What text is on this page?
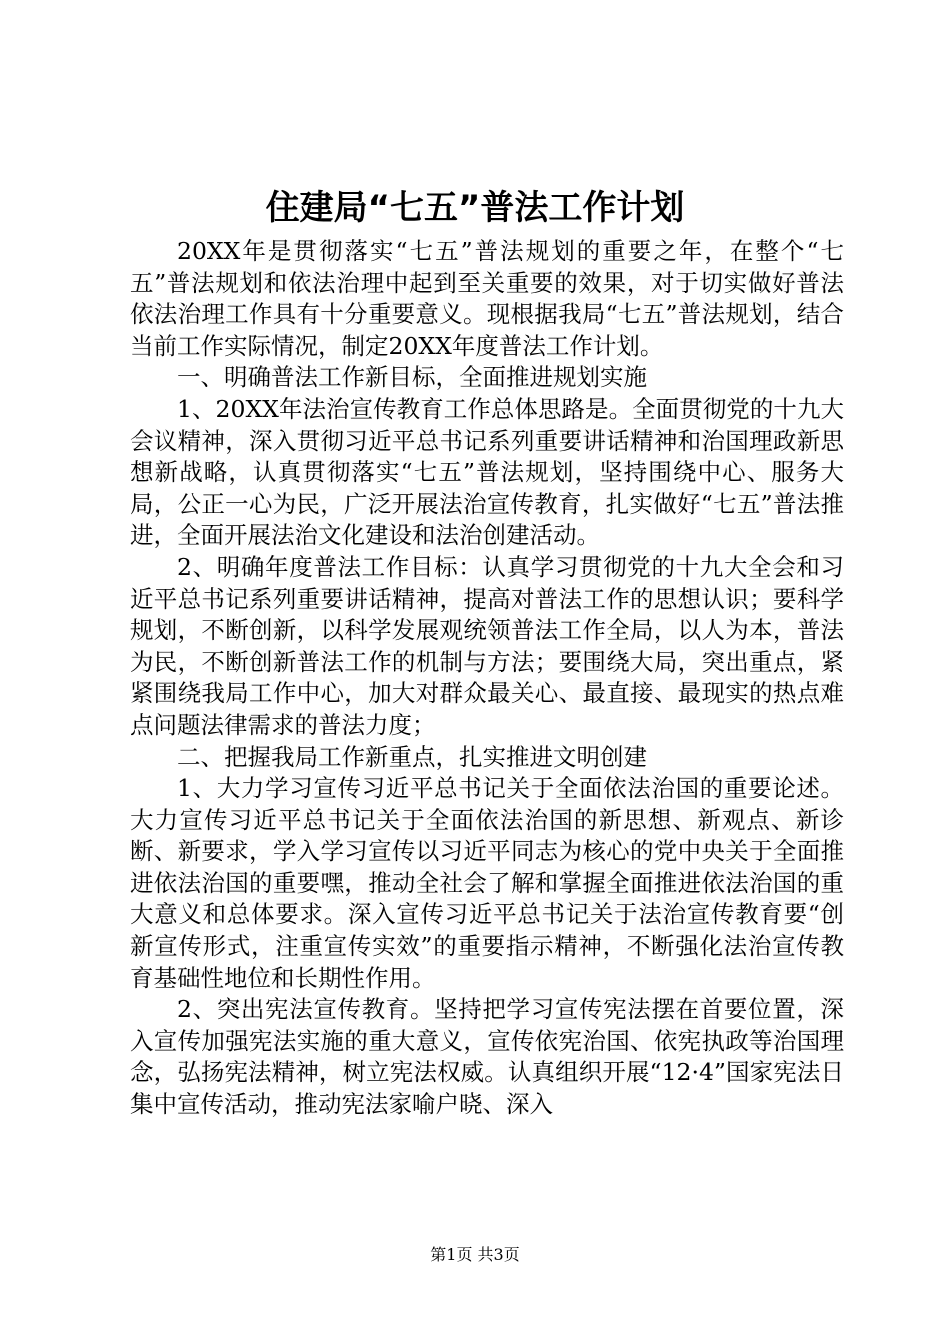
住建局“七五”普法工作计划

20XX年是贯彻落实“七五”普法规划的重要之年，在整个“七五”普法规划和依法治理中起到至关重要的效果，对于切实做好普法依法治理工作具有十分重要意义。现根据我局“七五”普法规划，结合当前工作实际情况，制定20XX年度普法工作计划。

一、明确普法工作新目标，全面推进规划实施

1、20XX年法治宣传教育工作总体思路是。全面贯彻党的十九大会议精神，深入贯彻习近平总书记系列重要讲话精神和治国理政新思想新战略，认真贯彻落实“七五”普法规划，坚持围绕中心、服务大局，公正一心为民，广泛开展法治宣传教育，扎实做好“七五”普法推进，全面开展法治文化建设和法治创建活动。

2、明确年度普法工作目标：认真学习贯彻党的十九大全会和习近平总书记系列重要讲话精神，提高对普法工作的思想认识；要科学规划，不断创新，以科学发展观统领普法工作全局，以人为本，普法为民，不断创新普法工作的机制与方法；要围绕大局，突出重点，紧紧围绕我局工作中心，加大对群众最关心、最直接、最现实的热点难点问题法律需求的普法力度；

二、把握我局工作新重点，扎实推进文明创建

1、大力学习宣传习近平总书记关于全面依法治国的重要论述。大力宣传习近平总书记关于全面依法治国的新思想、新观点、新诊断、新要求，学入学习宣传以习近平同志为核心的党中央关于全面推进依法治国的重要嘿，推动全社会了解和掌握全面推进依法治国的重大意义和总体要求。深入宣传习近平总书记关于法治宣传教育要“创新宣传形式，注重宣传实效”的重要指示精神，不断强化法治宣传教育基础性地位和长期性作用。

2、突出宪法宣传教育。坚持把学习宣传宪法摆在首要位置，深入宣传加强宪法实施的重大意义，宣传依宪治国、依宪执政等治国理念，弘扬宪法精神，树立宪法权威。认真组织开展“12·4”国家宪法日集中宣传活动，推动宪法家喻户晓、深入

第1页 共3页
